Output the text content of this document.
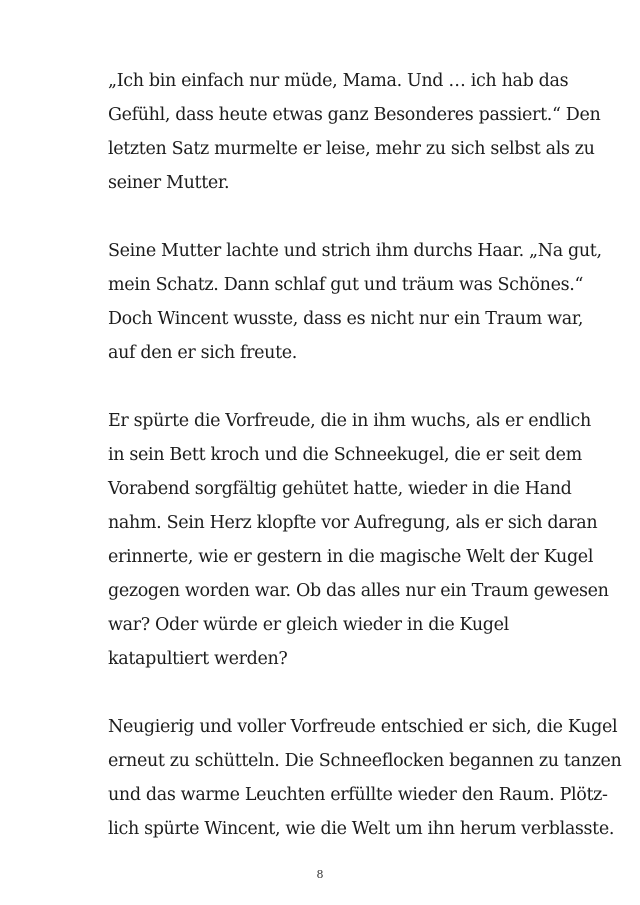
„Ich bin einfach nur müde, Mama. Und … ich hab das
Gefühl, dass heute etwas ganz Besonderes passiert.“ Den
letzten Satz murmelte er leise, mehr zu sich selbst als zu
seiner Mutter.

Seine Mutter lachte und strich ihm durchs Haar. „Na gut,
mein Schatz. Dann schlaf gut und träum was Schönes.“
Doch Wincent wusste, dass es nicht nur ein Traum war,
auf den er sich freute.

Er spürte die Vorfreude, die in ihm wuchs, als er endlich
in sein Bett kroch und die Schneekugel, die er seit dem
Vorabend sorgfältig gehütet hatte, wieder in die Hand
nahm. Sein Herz klopfte vor Aufregung, als er sich daran
erinnerte, wie er gestern in die magische Welt der Kugel
gezogen worden war. Ob das alles nur ein Traum gewesen
war? Oder würde er gleich wieder in die Kugel
katapultiert werden?

Neugierig und voller Vorfreude entschied er sich, die Kugel
erneut zu schütteln. Die Schneeflocken begannen zu tanzen
und das warme Leuchten erfüllte wieder den Raum. Plötz-
lich spürte Wincent, wie die Welt um ihn herum verblasste.

8
